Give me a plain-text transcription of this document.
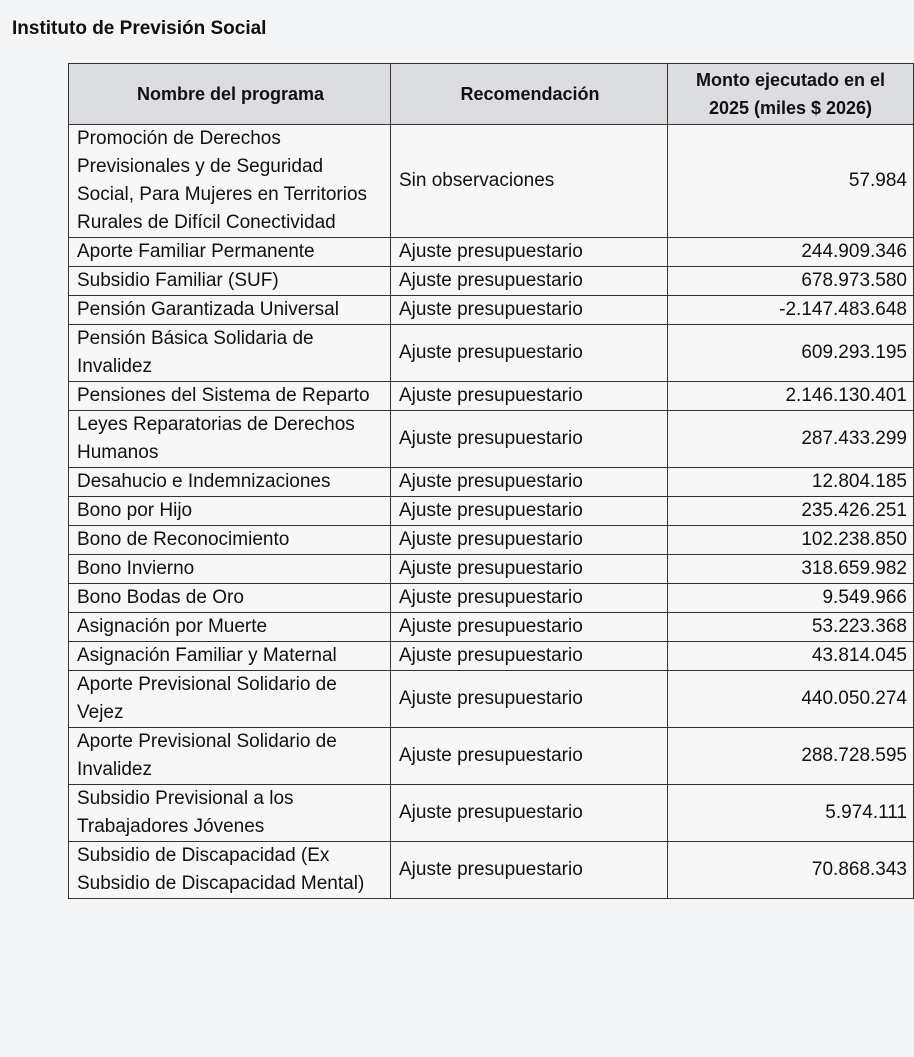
Instituto de Previsión Social
Nombre del programa	Recomendación	Monto ejecutado en el 2025 (miles $ 2026)
Promoción de Derechos Previsionales y de Seguridad Social, Para Mujeres en Territorios Rurales de Difícil Conectividad	Sin observaciones	57.984
Aporte Familiar Permanente	Ajuste presupuestario	244.909.346
Subsidio Familiar (SUF)	Ajuste presupuestario	678.973.580
Pensión Garantizada Universal	Ajuste presupuestario	-2.147.483.648
Pensión Básica Solidaria de Invalidez	Ajuste presupuestario	609.293.195
Pensiones del Sistema de Reparto	Ajuste presupuestario	2.146.130.401
Leyes Reparatorias de Derechos Humanos	Ajuste presupuestario	287.433.299
Desahucio e Indemnizaciones	Ajuste presupuestario	12.804.185
Bono por Hijo	Ajuste presupuestario	235.426.251
Bono de Reconocimiento	Ajuste presupuestario	102.238.850
Bono Invierno	Ajuste presupuestario	318.659.982
Bono Bodas de Oro	Ajuste presupuestario	9.549.966
Asignación por Muerte	Ajuste presupuestario	53.223.368
Asignación Familiar y Maternal	Ajuste presupuestario	43.814.045
Aporte Previsional Solidario de Vejez	Ajuste presupuestario	440.050.274
Aporte Previsional Solidario de Invalidez	Ajuste presupuestario	288.728.595
Subsidio Previsional a los Trabajadores Jóvenes	Ajuste presupuestario	5.974.111
Subsidio de Discapacidad (Ex Subsidio de Discapacidad Mental)	Ajuste presupuestario	70.868.343
